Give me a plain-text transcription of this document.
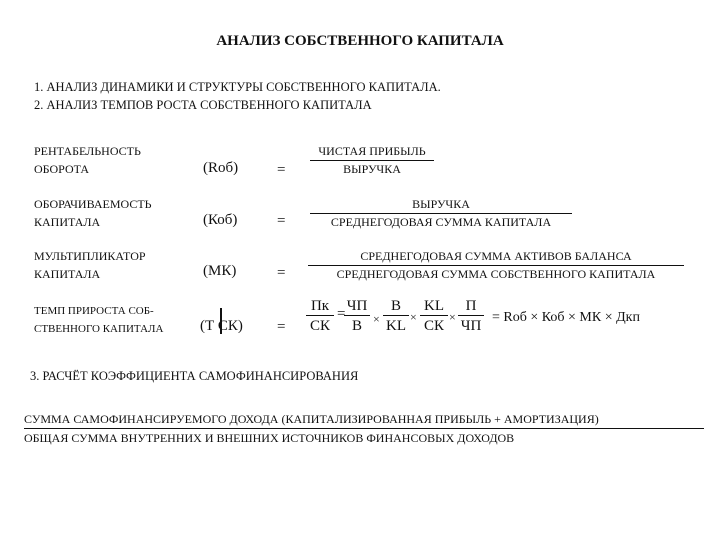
АНАЛИЗ СОБСТВЕННОГО КАПИТАЛА
1. АНАЛИЗ ДИНАМИКИ И СТРУКТУРЫ СОБСТВЕННОГО КАПИТАЛА.
2. АНАЛИЗ ТЕМПОВ РОСТА СОБСТВЕННОГО КАПИТАЛА
РЕНТАБЕЛЬНОСТЬ
ОБОРОТА	(Rоб)	=
ЧИСТАЯ ПРИБЫЛЬ
ВЫРУЧКА
ОБОРАЧИВАЕМОСТЬ
КАПИТАЛА	(Коб)	=
ВЫРУЧКА
СРЕДНЕГОДОВАЯ СУММА КАПИТАЛА
МУЛЬТИПЛИКАТОР
КАПИТАЛА	(МК)	=
СРЕДНЕГОДОВАЯ СУММА АКТИВОВ БАЛАНСА
СРЕДНЕГОДОВАЯ СУММА СОБСТВЕННОГО КАПИТАЛА
ТЕМП ПРИРОСТА СОБ-
СТВЕННОГО КАПИТАЛА (Т СК) =
Пк
СК
= ЧП
В ×
В
KL
×
KL
СК
×
П
ЧП
= Rоб × Коб × МК × Дкп
3. РАСЧЁТ КОЭФФИЦИЕНТА САМОФИНАНСИРОВАНИЯ
СУММА САМОФИНАНСИРУЕМОГО ДОХОДА (КАПИТАЛИЗИРОВАННАЯ ПРИБЫЛЬ + АМОРТИЗАЦИЯ)
ОБЩАЯ СУММА ВНУТРЕННИХ И ВНЕШНИХ ИСТОЧНИКОВ ФИНАНСОВЫХ ДОХОДОВ
